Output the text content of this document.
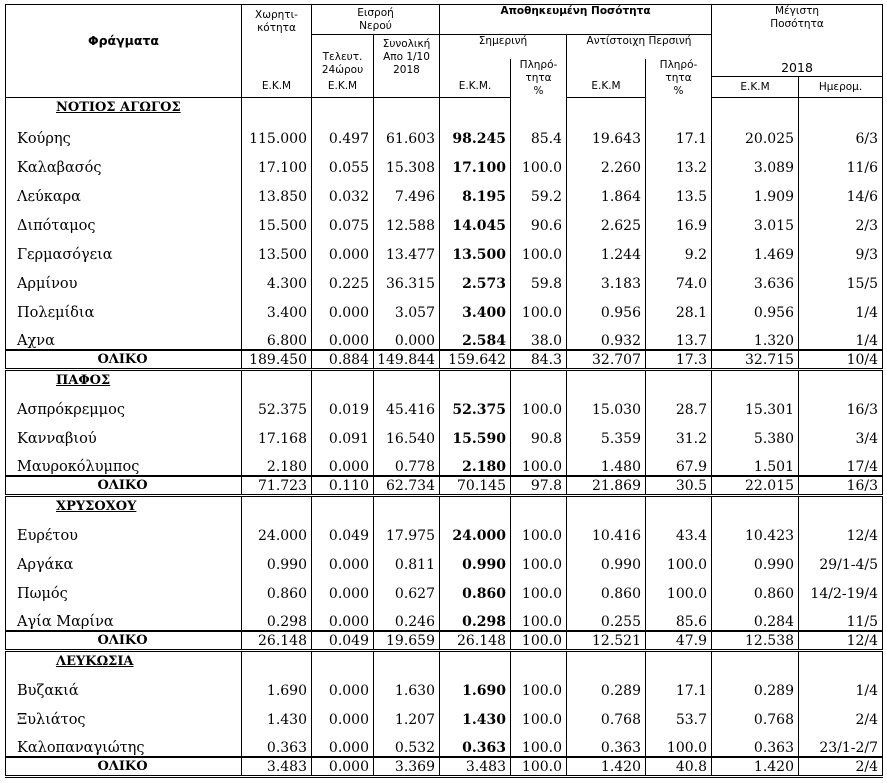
Φράγματα	Χωρητι-
κότητα	Εισροή
Νερού		Αποθηκευμένη Ποσότητα				Μέγιστη
Ποσότητα	
		Τελευτ.
24ώρου	Συνολική
Απο 1/10
2018	Σημερινή		Αντίστοιχη Περσινή			
					Πληρό-
τητα
%		Πληρό-
τητα
%	2018	
	Ε.Κ.Μ	Ε.Κ.Μ		Ε.Κ.Μ.		Ε.Κ.Μ		Ε.Κ.Μ	Ημερομ.
ΝΟΤΙΟΣ ΑΓΩΓΟΣ									
Κούρης	115.000	0.497	61.603	98.245	85.4	19.643	17.1	20.025	6/3
Καλαβασός	17.100	0.055	15.308	17.100	100.0	2.260	13.2	3.089	11/6
Λεύκαρα	13.850	0.032	7.496	8.195	59.2	1.864	13.5	1.909	14/6
Διπόταμος	15.500	0.075	12.588	14.045	90.6	2.625	16.9	3.015	2/3
Γερμασόγεια	13.500	0.000	13.477	13.500	100.0	1.244	9.2	1.469	9/3
Αρμίνου	4.300	0.225	36.315	2.573	59.8	3.183	74.0	3.636	15/5
Πολεμίδια	3.400	0.000	3.057	3.400	100.0	0.956	28.1	0.956	1/4
Αχνα	6.800	0.000	0.000	2.584	38.0	0.932	13.7	1.320	1/4
ΟΛΙΚΟ	189.450	0.884	149.844	159.642	84.3	32.707	17.3	32.715	10/4
ΠΑΦΟΣ									
Ασπρόκρεμμος	52.375	0.019	45.416	52.375	100.0	15.030	28.7	15.301	16/3
Κανναβιού	17.168	0.091	16.540	15.590	90.8	5.359	31.2	5.380	3/4
Μαυροκόλυμπος	2.180	0.000	0.778	2.180	100.0	1.480	67.9	1.501	17/4
ΟΛΙΚΟ	71.723	0.110	62.734	70.145	97.8	21.869	30.5	22.015	16/3
ΧΡΥΣΟΧΟΥ									
Ευρέτου	24.000	0.049	17.975	24.000	100.0	10.416	43.4	10.423	12/4
Αργάκα	0.990	0.000	0.811	0.990	100.0	0.990	100.0	0.990	29/1-4/5
Πωμός	0.860	0.000	0.627	0.860	100.0	0.860	100.0	0.860	14/2-19/4
Αγία Μαρίνα	0.298	0.000	0.246	0.298	100.0	0.255	85.6	0.284	11/5
ΟΛΙΚΟ	26.148	0.049	19.659	26.148	100.0	12.521	47.9	12.538	12/4
ΛΕΥΚΩΣΙΑ									
Βυζακιά	1.690	0.000	1.630	1.690	100.0	0.289	17.1	0.289	1/4
Ξυλιάτος	1.430	0.000	1.207	1.430	100.0	0.768	53.7	0.768	2/4
Καλοπαναγιώτης	0.363	0.000	0.532	0.363	100.0	0.363	100.0	0.363	23/1-2/7
ΟΛΙΚΟ	3.483	0.000	3.369	3.483	100.0	1.420	40.8	1.420	2/4
